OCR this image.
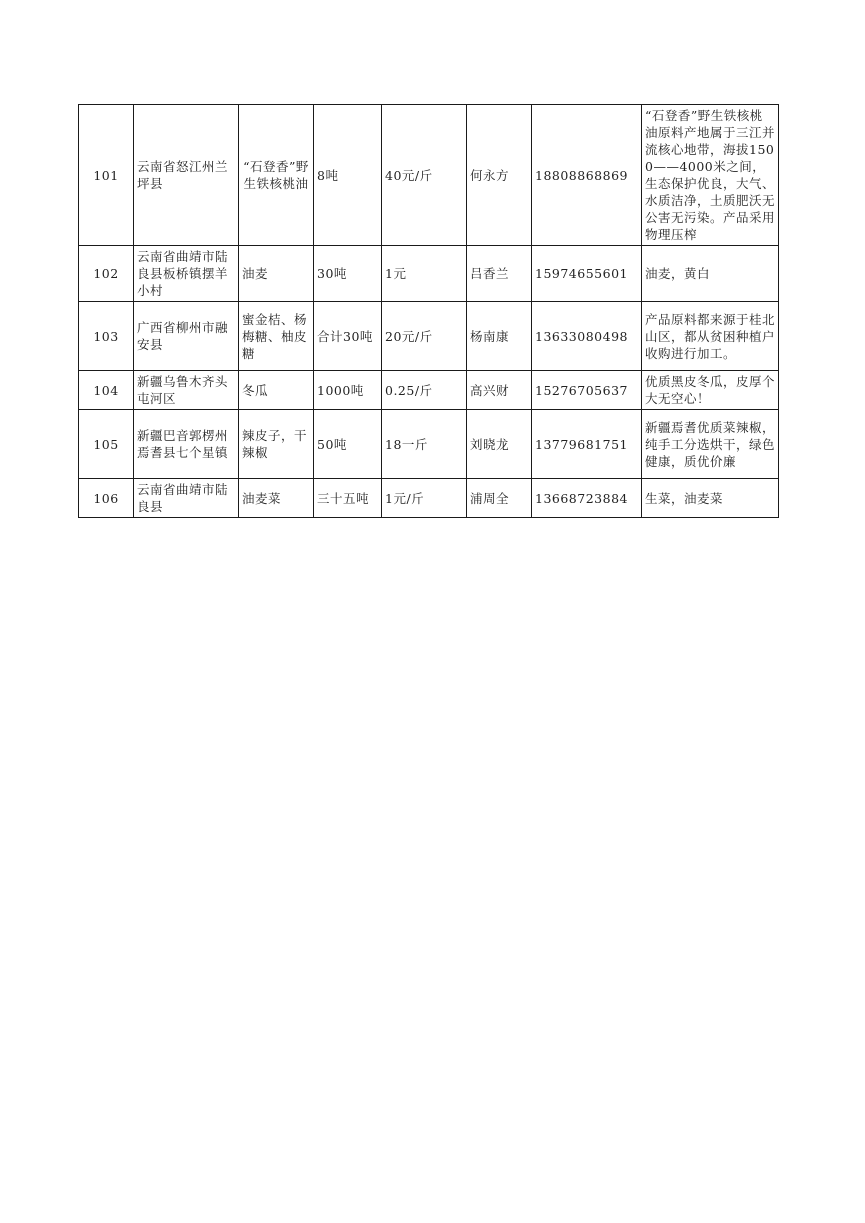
101	云南省怒江州兰坪县	“石登香”野生铁核桃油	8吨	40元/斤	何永方	18808868869	“石登香”野生铁核桃油原料产地属于三江并流核心地带，海拔1500——4000米之间，生态保护优良，大气、水质洁净，土质肥沃无公害无污染。产品采用物理压榨
102	云南省曲靖市陆良县板桥镇摆羊小村	油麦	30吨	1元	吕香兰	15974655601	油麦，黄白
103	广西省柳州市融安县	蜜金桔、杨梅糖、柚皮糖	合计30吨	20元/斤	杨南康	13633080498	产品原料都来源于桂北山区，都从贫困种植户收购进行加工。
104	新疆乌鲁木齐头屯河区	冬瓜	1000吨	0.25/斤	高兴财	15276705637	优质黑皮冬瓜，皮厚个大无空心！
105	新疆巴音郭楞州焉耆县七个星镇	辣皮子，干辣椒	50吨	18一斤	刘晓龙	13779681751	新疆焉耆优质菜辣椒，纯手工分选烘干，绿色健康，质优价廉
106	云南省曲靖市陆良县	油麦菜	三十五吨	1元/斤	浦周全	13668723884	生菜，油麦菜
